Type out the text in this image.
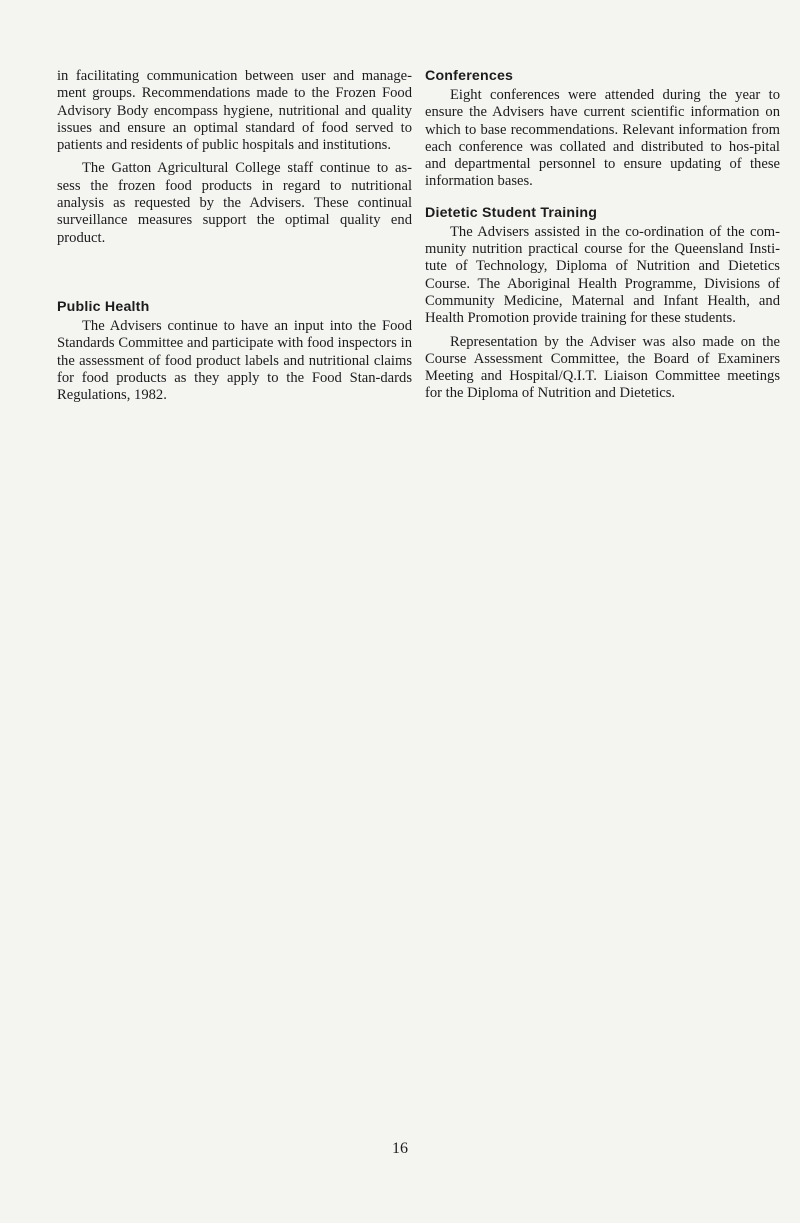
in facilitating communication between user and manage-ment groups. Recommendations made to the Frozen Food Advisory Body encompass hygiene, nutritional and quality issues and ensure an optimal standard of food served to patients and residents of public hospitals and institutions.

The Gatton Agricultural College staff continue to as-sess the frozen food products in regard to nutritional analysis as requested by the Advisers. These continual surveillance measures support the optimal quality end product.

Public Health

The Advisers continue to have an input into the Food Standards Committee and participate with food inspectors in the assessment of food product labels and nutritional claims for food products as they apply to the Food Stan-dards Regulations, 1982.

Conferences

Eight conferences were attended during the year to ensure the Advisers have current scientific information on which to base recommendations. Relevant information from each conference was collated and distributed to hos-pital and departmental personnel to ensure updating of these information bases.

Dietetic Student Training

The Advisers assisted in the co-ordination of the com-munity nutrition practical course for the Queensland Insti-tute of Technology, Diploma of Nutrition and Dietetics Course. The Aboriginal Health Programme, Divisions of Community Medicine, Maternal and Infant Health, and Health Promotion provide training for these students.

Representation by the Adviser was also made on the Course Assessment Committee, the Board of Examiners Meeting and Hospital/Q.I.T. Liaison Committee meetings for the Diploma of Nutrition and Dietetics.

16
